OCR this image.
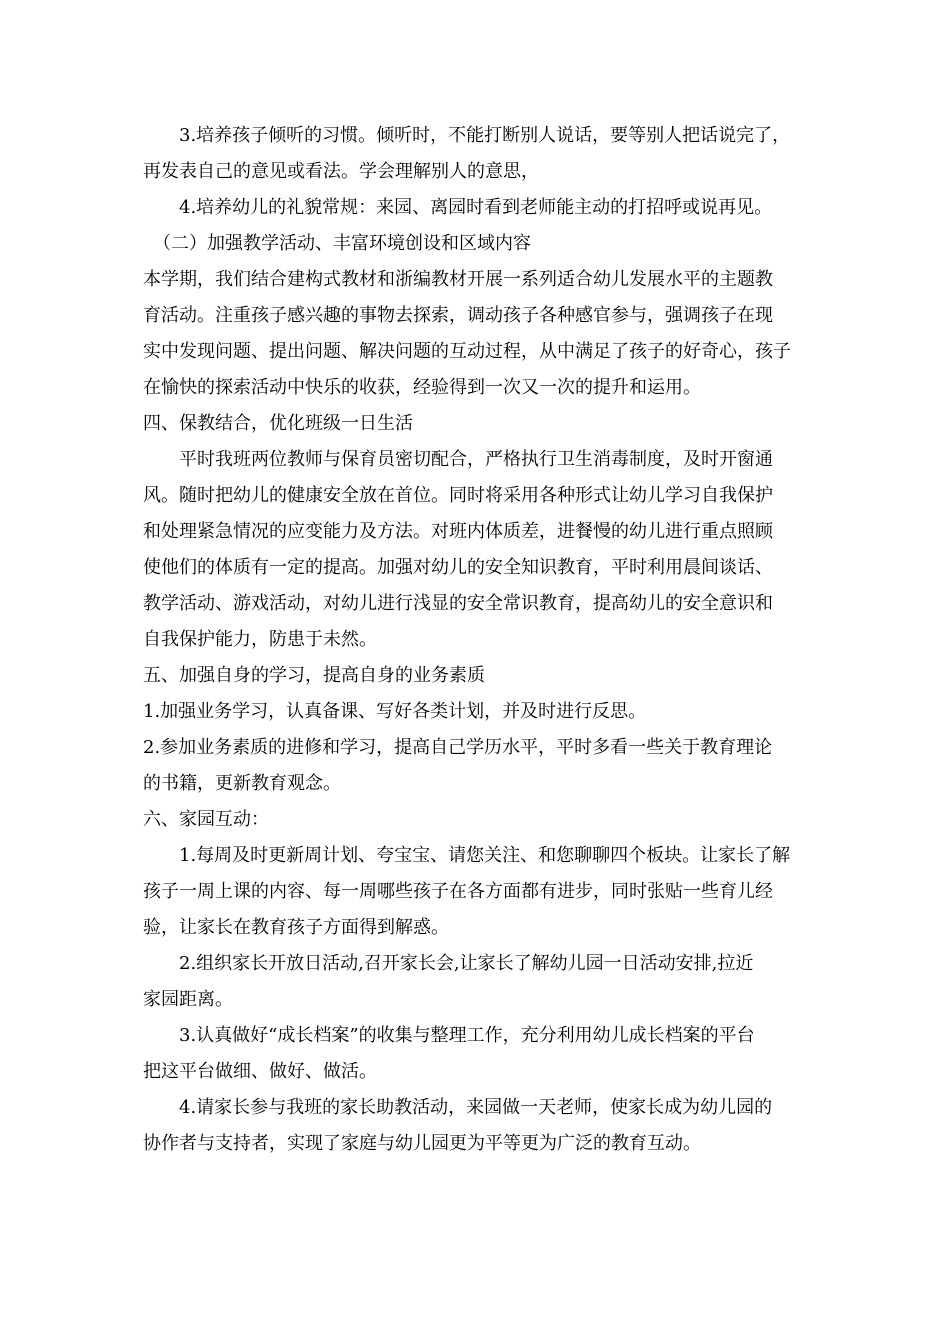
3.培养孩子倾听的习惯。倾听时，不能打断别人说话，要等别人把话说完了，
再发表自己的意见或看法。学会理解别人的意思，
4.培养幼儿的礼貌常规：来园、离园时看到老师能主动的打招呼或说再见。
（二）加强教学活动、丰富环境创设和区域内容
本学期，我们结合建构式教材和浙编教材开展一系列适合幼儿发展水平的主题教
育活动。注重孩子感兴趣的事物去探索，调动孩子各种感官参与，强调孩子在现
实中发现问题、提出问题、解决问题的互动过程，从中满足了孩子的好奇心，孩子
在愉快的探索活动中快乐的收获，经验得到一次又一次的提升和运用。
四、保教结合，优化班级一日生活
平时我班两位教师与保育员密切配合，严格执行卫生消毒制度，及时开窗通
风。随时把幼儿的健康安全放在首位。同时将采用各种形式让幼儿学习自我保护
和处理紧急情况的应变能力及方法。对班内体质差，进餐慢的幼儿进行重点照顾
使他们的体质有一定的提高。加强对幼儿的安全知识教育，平时利用晨间谈话、
教学活动、游戏活动，对幼儿进行浅显的安全常识教育，提高幼儿的安全意识和
自我保护能力，防患于未然。
五、加强自身的学习，提高自身的业务素质
1.加强业务学习，认真备课、写好各类计划，并及时进行反思。
2.参加业务素质的进修和学习，提高自己学历水平，平时多看一些关于教育理论
的书籍，更新教育观念。
六、家园互动：
1.每周及时更新周计划、夸宝宝、请您关注、和您聊聊四个板块。让家长了解
孩子一周上课的内容、每一周哪些孩子在各方面都有进步，同时张贴一些育儿经
验，让家长在教育孩子方面得到解惑。
2.组织家长开放日活动,召开家长会,让家长了解幼儿园一日活动安排,拉近
家园距离。
3.认真做好“成长档案”的收集与整理工作，充分利用幼儿成长档案的平台
把这平台做细、做好、做活。
4.请家长参与我班的家长助教活动，来园做一天老师，使家长成为幼儿园的
协作者与支持者，实现了家庭与幼儿园更为平等更为广泛的教育互动。
